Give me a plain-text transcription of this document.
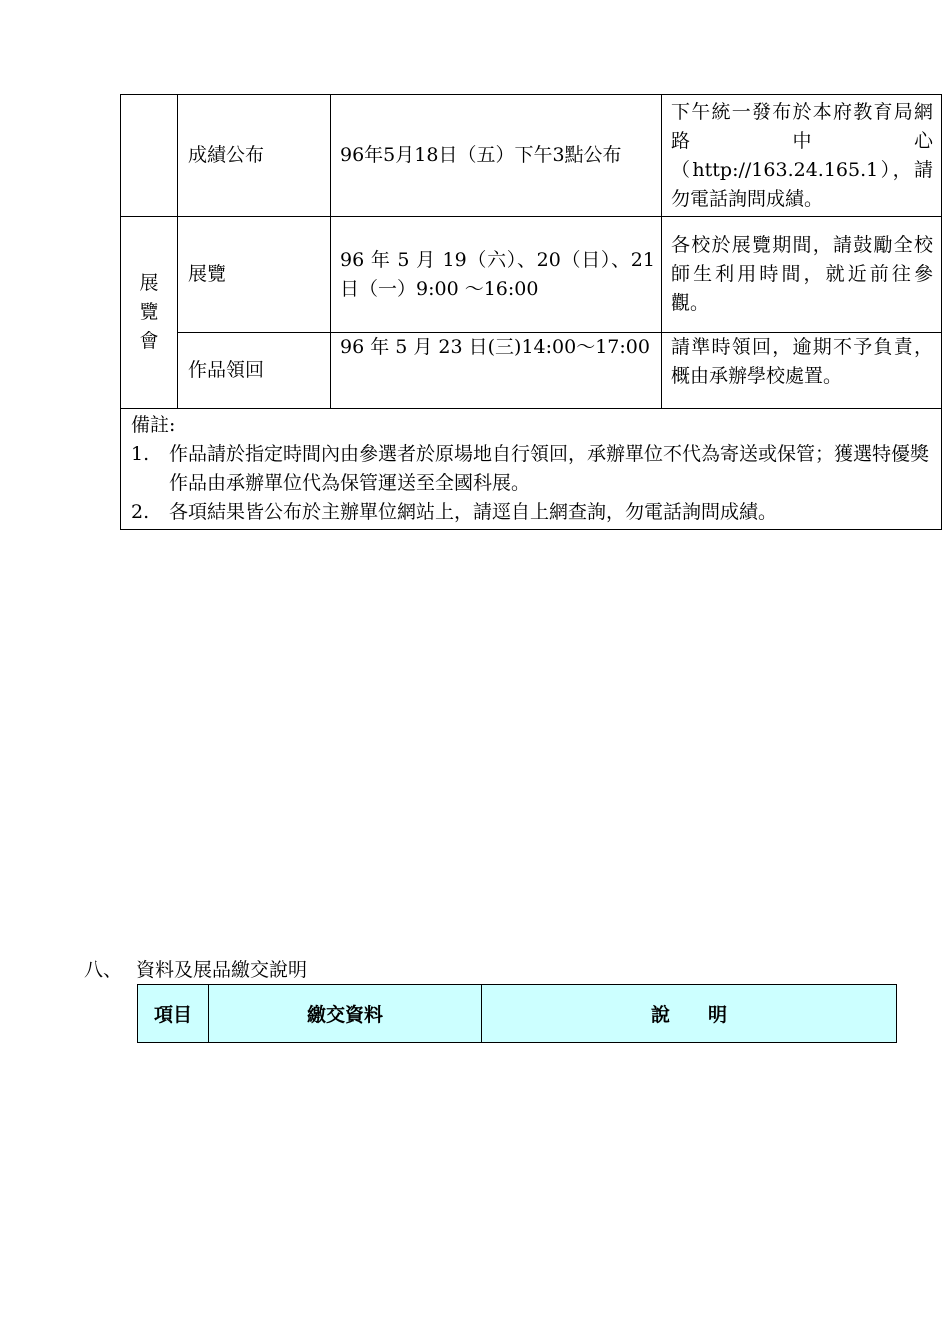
	成績公布	96年5月18日（五）下午3點公布	下午統一發布於本府教育局網路中心（http://163.24.165.1），請勿電話詢問成績。
展覽會	展覽	96 年 5 月 19（六）、20（日）、21 日（一）9:00 ～16:00	各校於展覽期間，請鼓勵全校師生利用時間，就近前往參觀。
	作品領回	96 年 5 月 23 日(三)14:00～17:00	請準時領回，逾期不予負責，概由承辦學校處置。

備註:
1. 作品請於指定時間內由參選者於原場地自行領回，承辦單位不代為寄送或保管；獲選特優獎作品由承辦單位代為保管運送至全國科展。
2. 各項結果皆公布於主辦單位網站上，請逕自上網查詢，勿電話詢問成績。			
八、 資料及展品繳交說明
項目	繳交資料	說　　明
